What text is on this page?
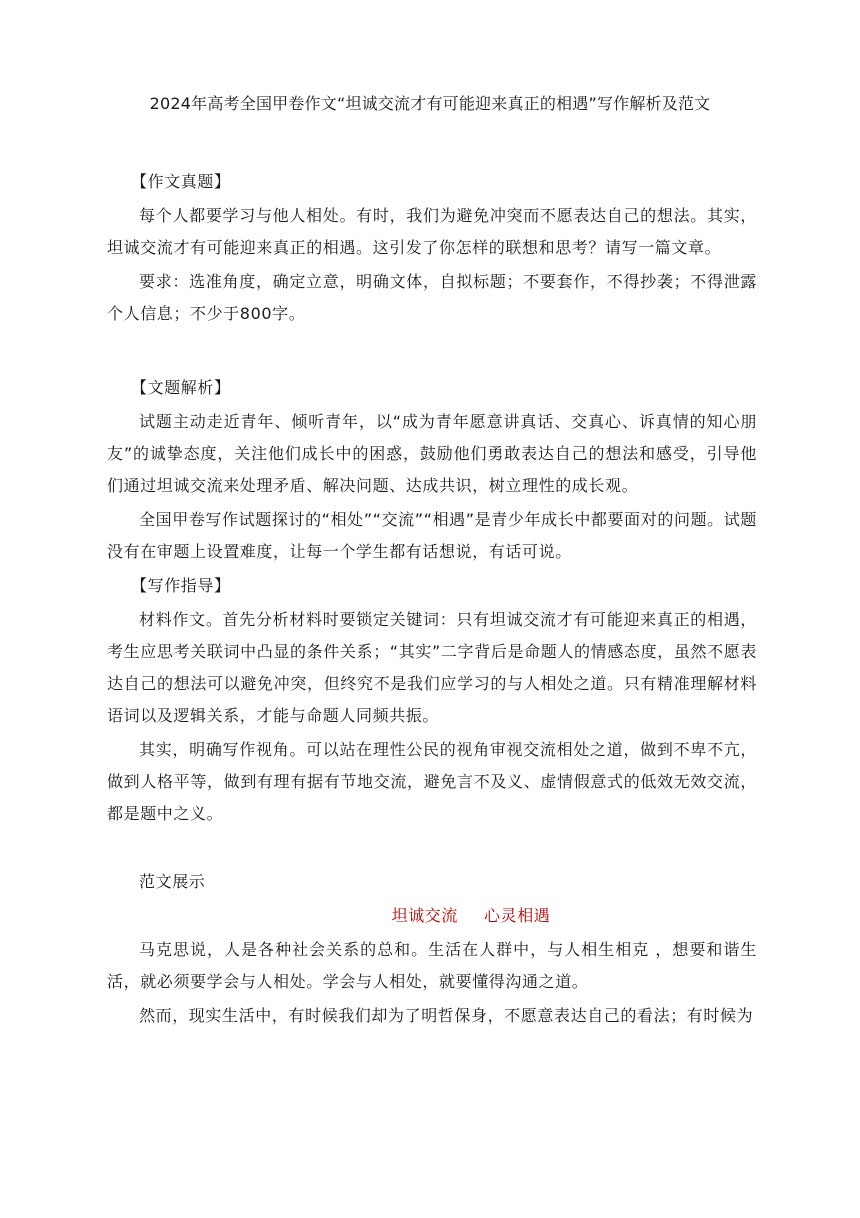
2024年高考全国甲卷作文“坦诚交流才有可能迎来真正的相遇”写作解析及范文

【作文真题】

每个人都要学习与他人相处。有时，我们为避免冲突而不愿表达自己的想法。其实，坦诚交流才有可能迎来真正的相遇。这引发了你怎样的联想和思考？请写一篇文章。

要求：选准角度，确定立意，明确文体，自拟标题；不要套作，不得抄袭；不得泄露个人信息；不少于800字。

【文题解析】

试题主动走近青年、倾听青年，以“成为青年愿意讲真话、交真心、诉真情的知心朋友”的诚挚态度，关注他们成长中的困惑，鼓励他们勇敢表达自己的想法和感受，引导他们通过坦诚交流来处理矛盾、解决问题、达成共识，树立理性的成长观。

全国甲卷写作试题探讨的“相处”“交流”“相遇”是青少年成长中都要面对的问题。试题没有在审题上设置难度，让每一个学生都有话想说，有话可说。

【写作指导】

材料作文。首先分析材料时要锁定关键词：只有坦诚交流才有可能迎来真正的相遇，考生应思考关联词中凸显的条件关系；“其实”二字背后是命题人的情感态度，虽然不愿表达自己的想法可以避免冲突，但终究不是我们应学习的与人相处之道。只有精准理解材料语词以及逻辑关系，才能与命题人同频共振。

其实，明确写作视角。可以站在理性公民的视角审视交流相处之道，做到不卑不亢，做到人格平等，做到有理有据有节地交流，避免言不及义、虚情假意式的低效无效交流，都是题中之义。

范文展示

坦诚交流 心灵相遇

马克思说，人是各种社会关系的总和。生活在人群中，与人相生相克 ，想要和谐生活，就必须要学会与人相处。学会与人相处，就要懂得沟通之道。

然而，现实生活中，有时候我们却为了明哲保身，不愿意表达自己的看法；有时候为
